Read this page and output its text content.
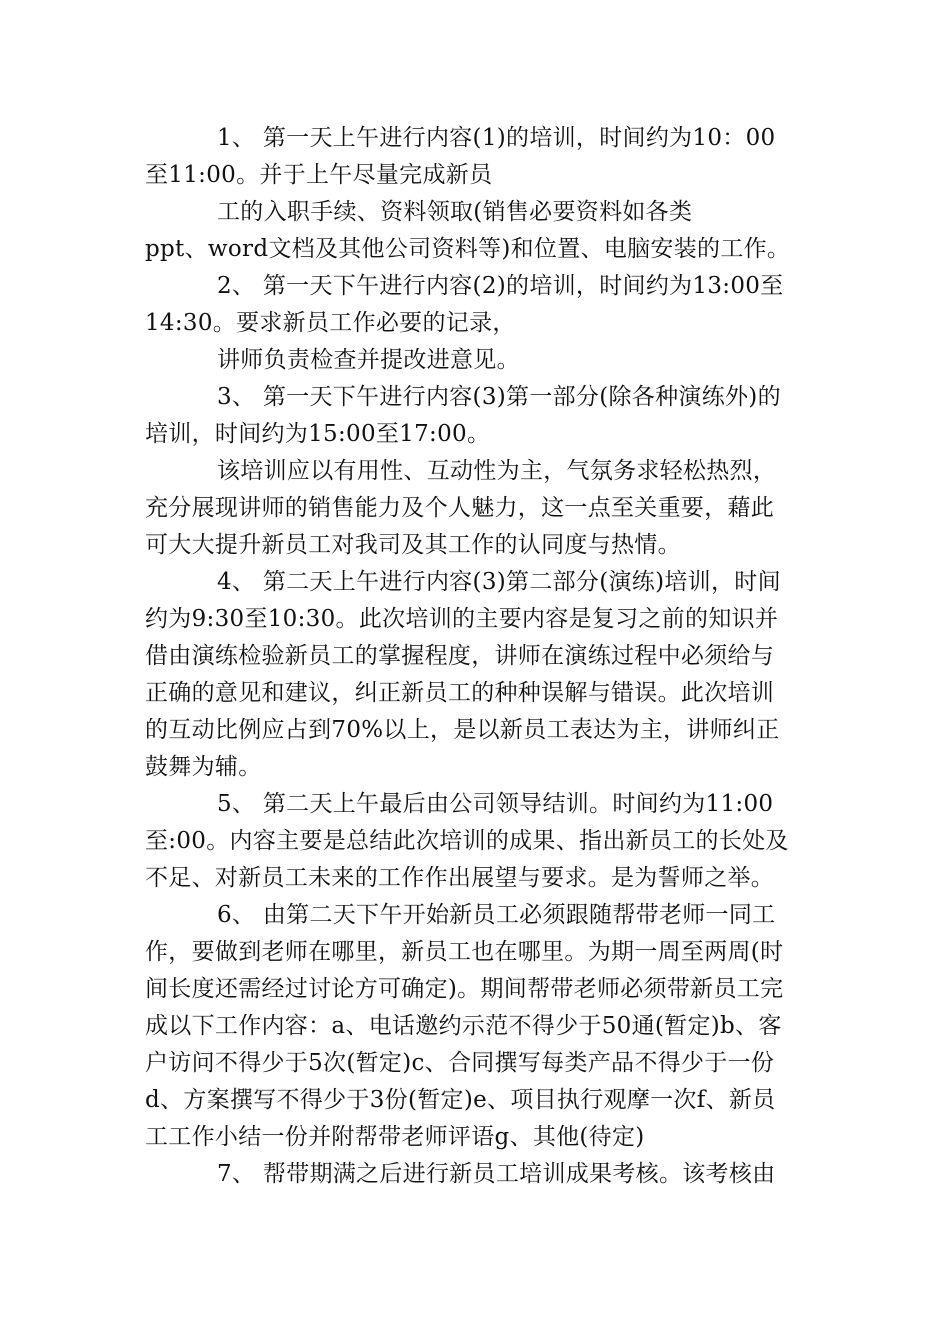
1、 第一天上午进行内容(1)的培训，时间约为10：00
至11:00。并于上午尽量完成新员
工的入职手续、资料领取(销售必要资料如各类
ppt、word文档及其他公司资料等)和位置、电脑安装的工作。
2、 第一天下午进行内容(2)的培训，时间约为13:00至
14:30。要求新员工作必要的记录，
讲师负责检查并提改进意见。
3、 第一天下午进行内容(3)第一部分(除各种演练外)的
培训，时间约为15:00至17:00。
该培训应以有用性、互动性为主，气氛务求轻松热烈，
充分展现讲师的销售能力及个人魅力，这一点至关重要，藉此
可大大提升新员工对我司及其工作的认同度与热情。
4、 第二天上午进行内容(3)第二部分(演练)培训，时间
约为9:30至10:30。此次培训的主要内容是复习之前的知识并
借由演练检验新员工的掌握程度，讲师在演练过程中必须给与
正确的意见和建议，纠正新员工的种种误解与错误。此次培训
的互动比例应占到70%以上，是以新员工表达为主，讲师纠正
鼓舞为辅。
5、 第二天上午最后由公司领导结训。时间约为11:00
至:00。内容主要是总结此次培训的成果、指出新员工的长处及
不足、对新员工未来的工作作出展望与要求。是为誓师之举。
6、 由第二天下午开始新员工必须跟随帮带老师一同工
作，要做到老师在哪里，新员工也在哪里。为期一周至两周(时
间长度还需经过讨论方可确定)。期间帮带老师必须带新员工完
成以下工作内容：a、电话邀约示范不得少于50通(暂定)b、客
户访问不得少于5次(暂定)c、合同撰写每类产品不得少于一份
d、方案撰写不得少于3份(暂定)e、项目执行观摩一次f、新员
工工作小结一份并附帮带老师评语g、其他(待定)
7、 帮带期满之后进行新员工培训成果考核。该考核由
